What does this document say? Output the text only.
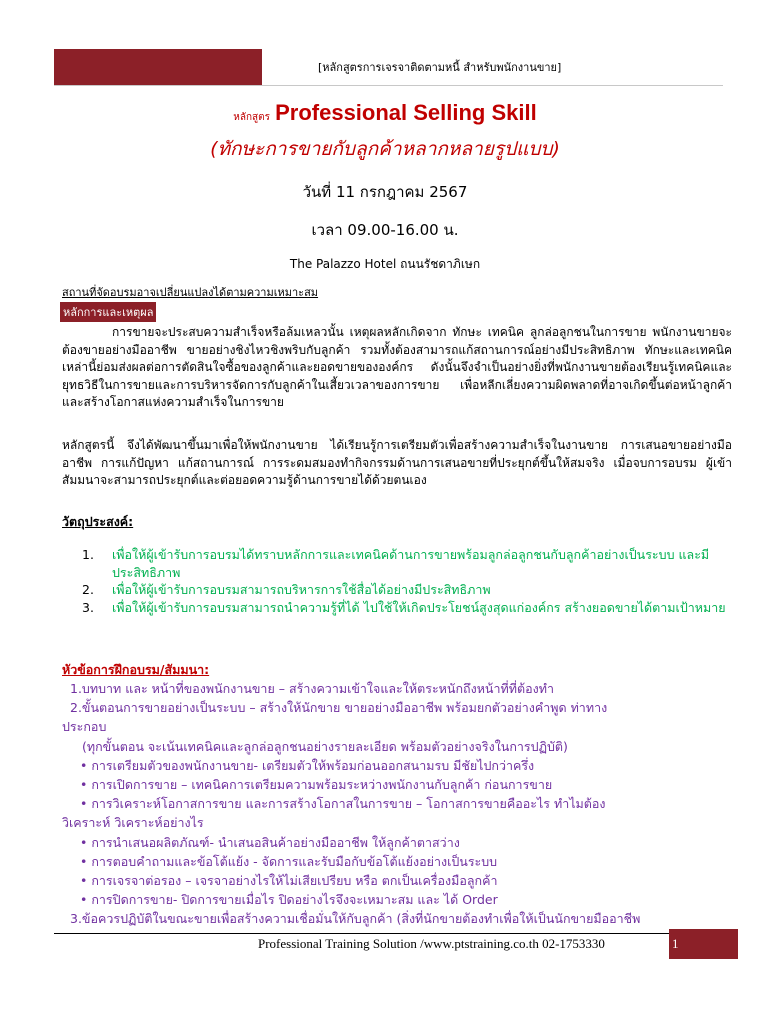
[หลักสูตรการเจรจาติดตามหนี้ สำหรับพนักงานขาย]
หลักสูตร Professional Selling Skill
(ทักษะการขายกับลูกค้าหลากหลายรูปแบบ)
วันที่ 11 กรกฎาคม 2567
เวลา 09.00-16.00 น.
The Palazzo Hotel ถนนรัชดาภิเษก
สถานที่จัดอบรมอาจเปลี่ยนแปลงได้ตามความเหมาะสม
หลักการและเหตุผล
การขายจะประสบความสำเร็จหรือล้มเหลวนั้น เหตุผลหลักเกิดจาก ทักษะ เทคนิค ลูกล่อลูกชนในการขาย พนักงานขายจะต้องขายอย่างมืออาชีพ ขายอย่างชิงไหวชิงพริบกับลูกค้า รวมทั้งต้องสามารถแก้สถานการณ์อย่างมีประสิทธิภาพ ทักษะและเทคนิคเหล่านี้ย่อมส่งผลต่อการตัดสินใจซื้อของลูกค้าและยอดขายขององค์กร ดังนั้นจึงจำเป็นอย่างยิ่งที่พนักงานขายต้องเรียนรู้เทคนิคและยุทธวิธีในการขายและการบริหารจัดการกับลูกค้าในเสี้ยวเวลาของการขาย เพื่อหลีกเลี่ยงความผิดพลาดที่อาจเกิดขึ้นต่อหน้าลูกค้า และสร้างโอกาสแห่งความสำเร็จในการขาย
หลักสูตรนี้ จึงได้พัฒนาขึ้นมาเพื่อให้พนักงานขาย ได้เรียนรู้การเตรียมตัวเพื่อสร้างความสำเร็จในงานขาย การเสนอขายอย่างมืออาชีพ การแก้ปัญหา แก้สถานการณ์ การระดมสมองทำกิจกรรมด้านการเสนอขายที่ประยุกต์ขึ้นให้สมจริง เมื่อจบการอบรม ผู้เข้าสัมมนาจะสามารถประยุกต์และต่อยอดความรู้ด้านการขายได้ด้วยตนเอง
วัตถุประสงค์:
1.	เพื่อให้ผู้เข้ารับการอบรมได้ทราบหลักการและเทคนิคด้านการขายพร้อมลูกล่อลูกชนกับลูกค้าอย่างเป็นระบบ และมีประสิทธิภาพ
2.	เพื่อให้ผู้เข้ารับการอบรมสามารถบริหารการใช้สื่อได้อย่างมีประสิทธิภาพ
3.	เพื่อให้ผู้เข้ารับการอบรมสามารถนำความรู้ที่ได้ ไปใช้ให้เกิดประโยชน์สูงสุดแก่องค์กร สร้างยอดขายได้ตามเป้าหมาย
หัวข้อการฝึกอบรม/สัมมนา:
1.บทบาท และ หน้าที่ของพนักงานขาย – สร้างความเข้าใจและให้ตระหนักถึงหน้าที่ที่ต้องทำ
2.ขั้นตอนการขายอย่างเป็นระบบ – สร้างให้นักขาย ขายอย่างมืออาชีพ พร้อมยกตัวอย่างคำพูด ท่าทาง
ประกอบ
(ทุกขั้นตอน จะเน้นเทคนิคและลูกล่อลูกชนอย่างรายละเอียด พร้อมตัวอย่างจริงในการปฏิบัติ)
• การเตรียมตัวของพนักงานขาย- เตรียมตัวให้พร้อมก่อนออกสนามรบ มีชัยไปกว่าครึ่ง
• การเปิดการขาย – เทคนิคการเตรียมความพร้อมระหว่างพนักงานกับลูกค้า ก่อนการขาย
• การวิเคราะห์โอกาสการขาย และการสร้างโอกาสในการขาย – โอกาสการขายคืออะไร ทำไมต้อง
วิเคราะห์ วิเคราะห์อย่างไร
• การนำเสนอผลิตภัณฑ์- นำเสนอสินค้าอย่างมืออาชีพ ให้ลูกค้าตาสว่าง
• การตอบคำถามและข้อโต้แย้ง - จัดการและรับมือกับข้อโต้แย้งอย่างเป็นระบบ
• การเจรจาต่อรอง – เจรจาอย่างไรให้ไม่เสียเปรียบ หรือ ตกเป็นเครื่องมือลูกค้า
• การปิดการขาย- ปิดการขายเมื่อไร ปิดอย่างไรจึงจะเหมาะสม และ ได้ Order
3.ข้อควรปฏิบัติในขณะขายเพื่อสร้างความเชื่อมั่นให้กับลูกค้า (สิ่งที่นักขายต้องทำเพื่อให้เป็นนักขายมืออาชีพ
Professional Training Solution /www.ptstraining.co.th 02-1753330	1
